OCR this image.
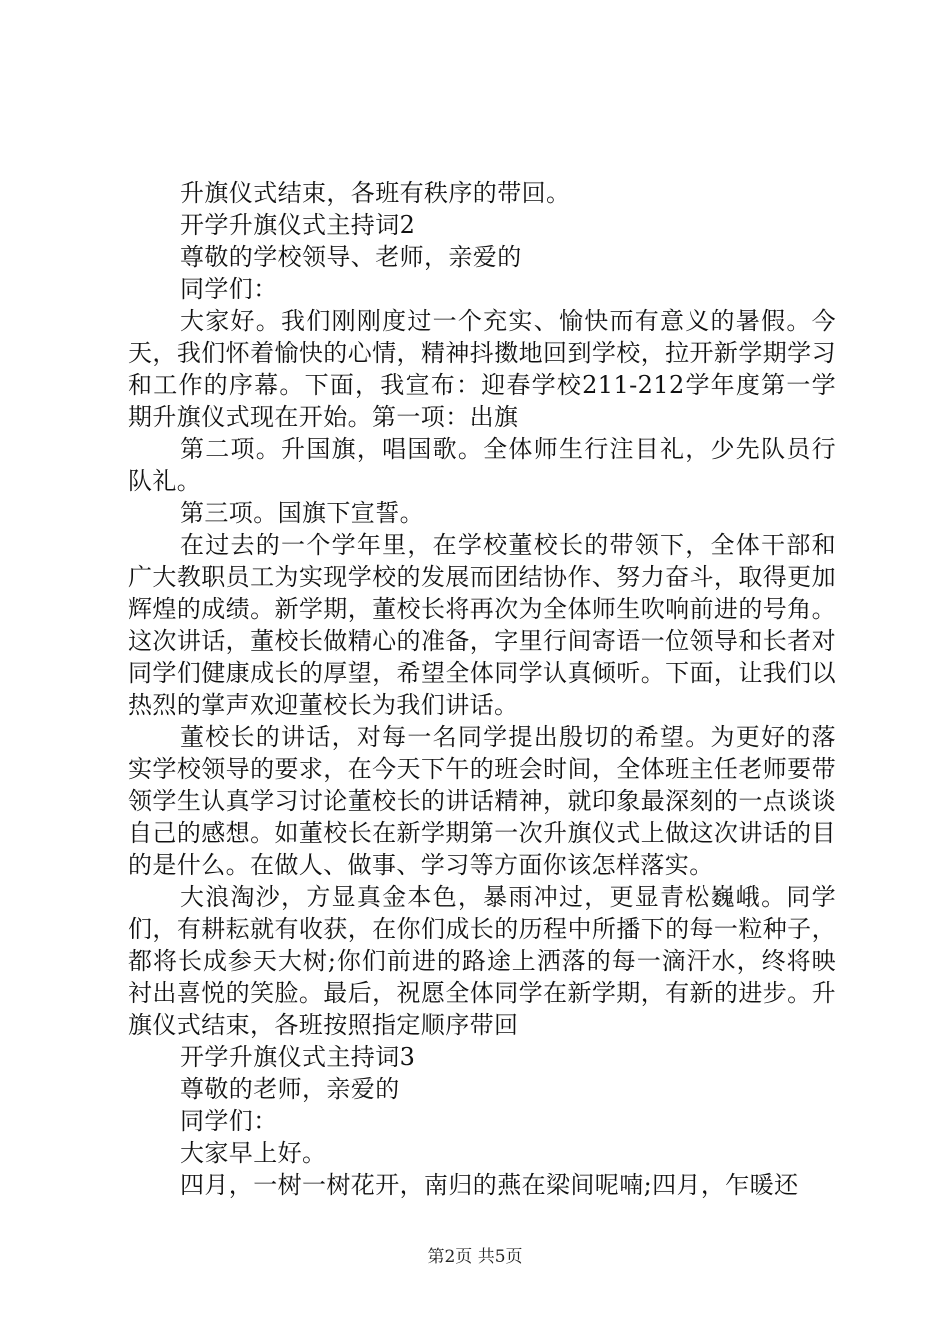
升旗仪式结束，各班有秩序的带回。

开学升旗仪式主持词2

尊敬的学校领导、老师，亲爱的

同学们：

大家好。我们刚刚度过一个充实、愉快而有意义的暑假。今天，我们怀着愉快的心情，精神抖擞地回到学校，拉开新学期学习和工作的序幕。下面，我宣布：迎春学校211-212学年度第一学期升旗仪式现在开始。第一项：出旗

第二项。升国旗，唱国歌。全体师生行注目礼，少先队员行队礼。

第三项。国旗下宣誓。

在过去的一个学年里，在学校董校长的带领下，全体干部和广大教职员工为实现学校的发展而团结协作、努力奋斗，取得更加辉煌的成绩。新学期，董校长将再次为全体师生吹响前进的号角。这次讲话，董校长做精心的准备，字里行间寄语一位领导和长者对同学们健康成长的厚望，希望全体同学认真倾听。下面，让我们以热烈的掌声欢迎董校长为我们讲话。

董校长的讲话，对每一名同学提出殷切的希望。为更好的落实学校领导的要求，在今天下午的班会时间，全体班主任老师要带领学生认真学习讨论董校长的讲话精神，就印象最深刻的一点谈谈自己的感想。如董校长在新学期第一次升旗仪式上做这次讲话的目的是什么。在做人、做事、学习等方面你该怎样落实。

大浪淘沙，方显真金本色，暴雨冲过，更显青松巍峨。同学们，有耕耘就有收获，在你们成长的历程中所播下的每一粒种子，都将长成参天大树;你们前进的路途上洒落的每一滴汗水，终将映衬出喜悦的笑脸。最后，祝愿全体同学在新学期，有新的进步。升旗仪式结束，各班按照指定顺序带回

开学升旗仪式主持词3

尊敬的老师，亲爱的

同学们：

大家早上好。

四月，一树一树花开，南归的燕在梁间呢喃;四月，乍暖还

第2页 共5页
